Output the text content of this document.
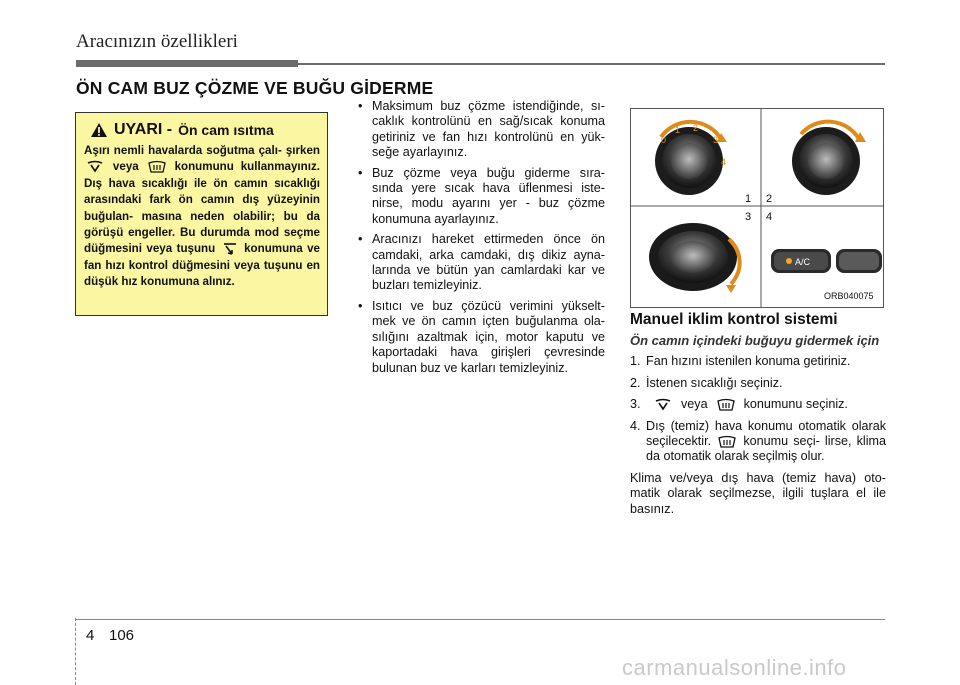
Aracınızın özellikleri
ÖN CAM BUZ ÇÖZME VE BUĞU GİDERME
UYARI - Ön cam ısıtma
Aşırı nemli havalarda soğutma çalı- şırken  veya	konumunu kullanmayınız. Dış hava sıcaklığı ile ön camın sıcaklığı arasındaki fark ön camın dış yüzeyinin buğulan- masına neden olabilir; bu da görüşü engeller. Bu durumda mod seçme düğmesini veya tuşunu konumuna ve fan hızı kontrol düğmesini veya tuşunu en düşük hız konumuna alınız.
• Maksimum buz çözme istendiğinde, sı- caklık kontrolünü en sağ/sıcak konuma getiriniz ve fan hızı kontrolünü en yük- seğe ayarlayınız.
• Buz çözme veya buğu giderme sıra- sında yere sıcak hava üflenmesi iste- nirse, modu ayarını yer - buz çözme konumuna ayarlayınız.
• Aracınızı hareket ettirmeden önce ön camdaki, arka camdaki, dış dikiz ayna- larında ve bütün yan camlardaki kar ve buzları temizleyiniz.
• Isıtıcı ve buz çözücü verimini yükselt- mek ve ön camın içten buğulanma ola- sılığını azaltmak için, motor kaputu ve kaportadaki hava girişleri çevresinde bulunan buz ve karları temizleyiniz.
0
1 2
3
4
A/C
1 2
3 4
ORB040075
Manuel iklim kontrol sistemi
Ön camın içindeki buğuyu gidermek için
1. Fan hızını istenilen konuma getiriniz.
2. İstenen sıcaklığı seçiniz.
3.	veya	konumunu seçiniz.
4. Dış (temiz) hava konumu otomatik olarak seçilecektir.	konumu seçi- lirse, klima da otomatik olarak seçilmiş olur.
Klima ve/veya dış hava (temiz hava) oto- matik olarak seçilmezse, ilgili tuşlara el ile basınız.
4 106
carmanualsonline.info
